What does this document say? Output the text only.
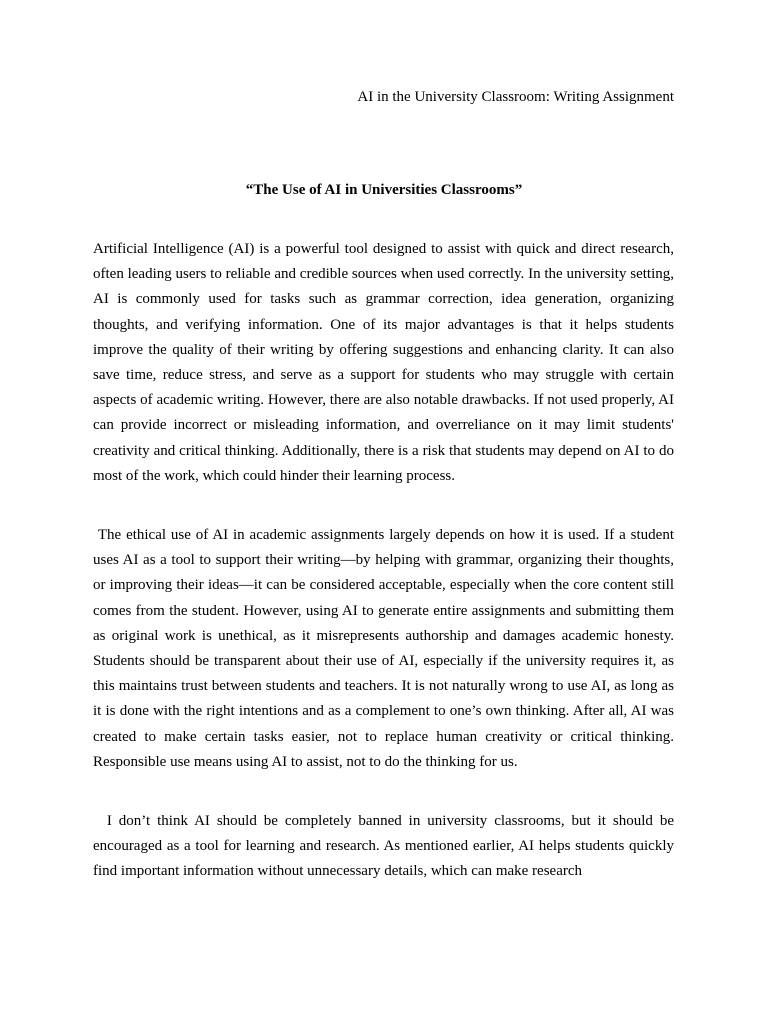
AI in the University Classroom: Writing Assignment
“The Use of AI in Universities Classrooms”

Artificial Intelligence (AI) is a powerful tool designed to assist with quick and direct research, often leading users to reliable and credible sources when used correctly. In the university setting, AI is commonly used for tasks such as grammar correction, idea generation, organizing thoughts, and verifying information. One of its major advantages is that it helps students improve the quality of their writing by offering suggestions and enhancing clarity. It can also save time, reduce stress, and serve as a support for students who may struggle with certain aspects of academic writing. However, there are also notable drawbacks. If not used properly, AI can provide incorrect or misleading information, and overreliance on it may limit students' creativity and critical thinking. Additionally, there is a risk that students may depend on AI to do most of the work, which could hinder their learning process.

The ethical use of AI in academic assignments largely depends on how it is used. If a student uses AI as a tool to support their writing—by helping with grammar, organizing their thoughts, or improving their ideas—it can be considered acceptable, especially when the core content still comes from the student. However, using AI to generate entire assignments and submitting them as original work is unethical, as it misrepresents authorship and damages academic honesty. Students should be transparent about their use of AI, especially if the university requires it, as this maintains trust between students and teachers. It is not naturally wrong to use AI, as long as it is done with the right intentions and as a complement to one’s own thinking. After all, AI was created to make certain tasks easier, not to replace human creativity or critical thinking. Responsible use means using AI to assist, not to do the thinking for us.

I don’t think AI should be completely banned in university classrooms, but it should be encouraged as a tool for learning and research. As mentioned earlier, AI helps students quickly find important information without unnecessary details, which can make research
